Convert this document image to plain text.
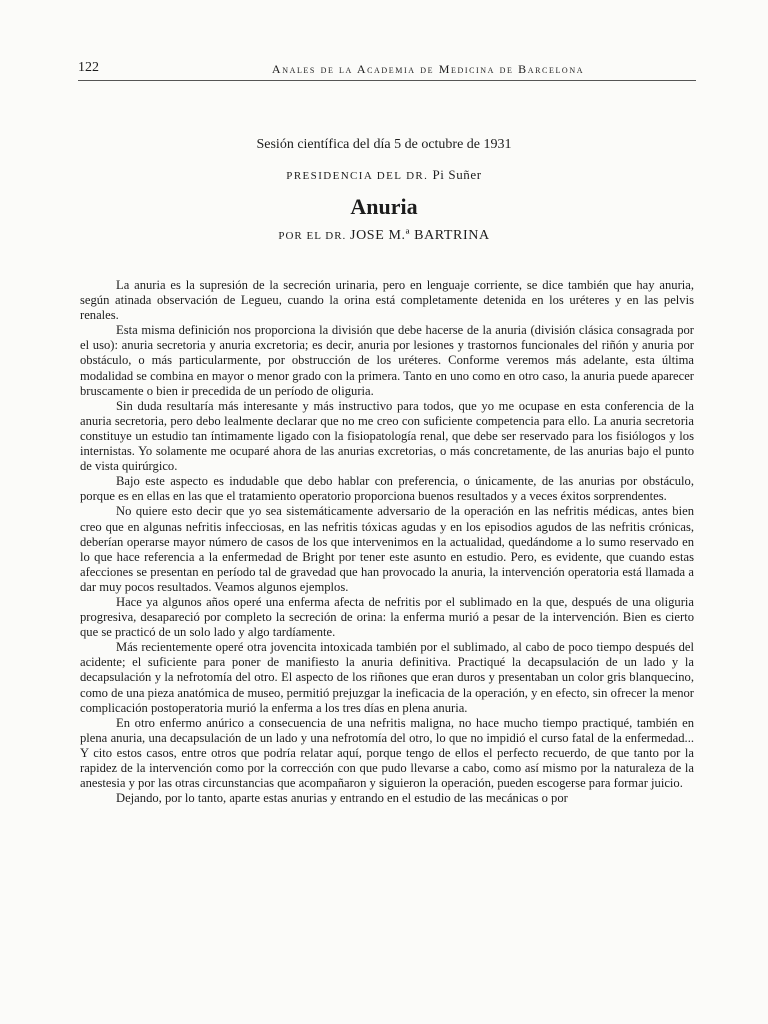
122	Anales de la Academia de Medicina de Barcelona
Sesión científica del día 5 de octubre de 1931
PRESIDENCIA DEL DR. Pi Suñer
Anuria
POR EL DR. JOSE M.ª BARTRINA

La anuria es la supresión de la secreción urinaria, pero en lenguaje corriente, se dice también que hay anuria, según atinada observación de Legueu, cuando la orina está completamente detenida en los uréteres y en las pelvis renales.

Esta misma definición nos proporciona la división que debe hacerse de la anuria (división clásica consagrada por el uso): anuria secretoria y anuria excretoria; es decir, anuria por lesiones y trastornos funcionales del riñón y anuria por obstáculo, o más particularmente, por obstrucción de los uréteres. Conforme veremos más adelante, esta última modalidad se combina en mayor o menor grado con la primera. Tanto en uno como en otro caso, la anuria puede aparecer bruscamente o bien ir precedida de un período de oliguria.

Sin duda resultaría más interesante y más instructivo para todos, que yo me ocupase en esta conferencia de la anuria secretoria, pero debo lealmente declarar que no me creo con suficiente competencia para ello. La anuria secretoria constituye un estudio tan íntimamente ligado con la fisiopatología renal, que debe ser reservado para los fisiólogos y los internistas. Yo solamente me ocuparé ahora de las anurias excretorias, o más concretamente, de las anurias bajo el punto de vista quirúrgico.

Bajo este aspecto es indudable que debo hablar con preferencia, o únicamente, de las anurias por obstáculo, porque es en ellas en las que el tratamiento operatorio proporciona buenos resultados y a veces éxitos sorprendentes.

No quiere esto decir que yo sea sistemáticamente adversario de la operación en las nefritis médicas, antes bien creo que en algunas nefritis infecciosas, en las nefritis tóxicas agudas y en los episodios agudos de las nefritis crónicas, deberían operarse mayor número de casos de los que intervenimos en la actualidad, quedándome a lo sumo reservado en lo que hace referencia a la enfermedad de Bright por tener este asunto en estudio. Pero, es evidente, que cuando estas afecciones se presentan en período tal de gravedad que han provocado la anuria, la intervención operatoria está llamada a dar muy pocos resultados. Veamos algunos ejemplos.

Hace ya algunos años operé una enferma afecta de nefritis por el sublimado en la que, después de una oliguria progresiva, desapareció por completo la secreción de orina: la enferma murió a pesar de la intervención. Bien es cierto que se practicó de un solo lado y algo tardíamente.

Más recientemente operé otra jovencita intoxicada también por el sublimado, al cabo de poco tiempo después del acidente; el suficiente para poner de manifiesto la anuria definitiva. Practiqué la decapsulación de un lado y la decapsulación y la nefrotomía del otro. El aspecto de los riñones que eran duros y presentaban un color gris blanquecino, como de una pieza anatómica de museo, permitió prejuzgar la ineficacia de la operación, y en efecto, sin ofrecer la menor complicación postoperatoria murió la enferma a los tres días en plena anuria.

En otro enfermo anúrico a consecuencia de una nefritis maligna, no hace mucho tiempo practiqué, también en plena anuria, una decapsulación de un lado y una nefrotomía del otro, lo que no impidió el curso fatal de la enfermedad... Y cito estos casos, entre otros que podría relatar aquí, porque tengo de ellos el perfecto recuerdo, de que tanto por la rapidez de la intervención como por la corrección con que pudo llevarse a cabo, como así mismo por la naturaleza de la anestesia y por las otras circunstancias que acompañaron y siguieron la operación, pueden escogerse para formar juicio.

Dejando, por lo tanto, aparte estas anurias y entrando en el estudio de las mecánicas o por
